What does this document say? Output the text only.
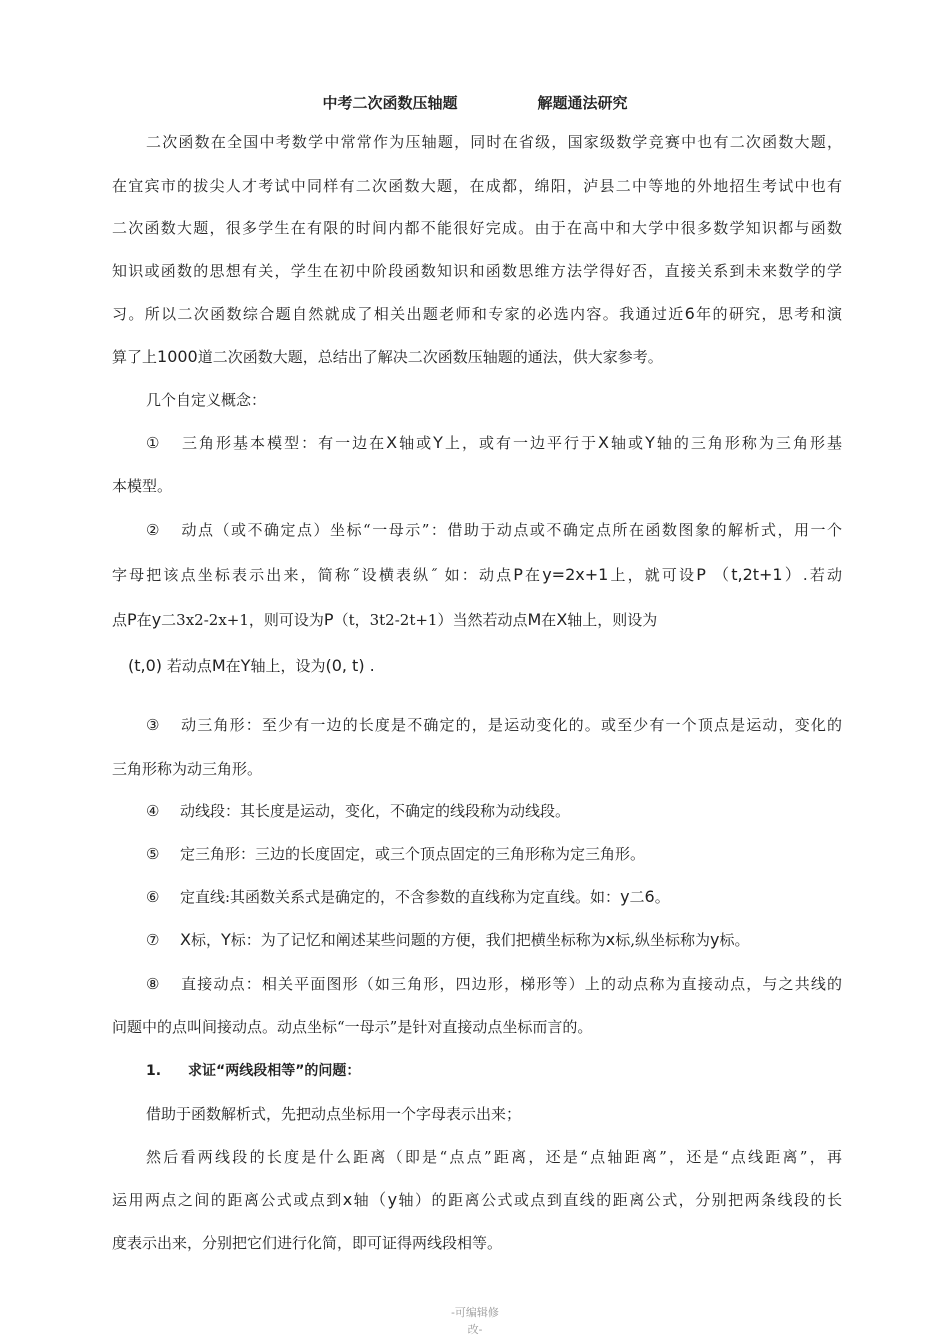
中考二次函数压轴题	解题通法研究
二次函数在全国中考数学中常常作为压轴题，同时在省级，国家级数学竞赛中也有二次函数大题，
在宜宾市的拔尖人才考试中同样有二次函数大题，在成都，绵阳，泸县二中等地的外地招生考试中也有
二次函数大题，很多学生在有限的时间内都不能很好完成。由于在高中和大学中很多数学知识都与函数
知识或函数的思想有关，学生在初中阶段函数知识和函数思维方法学得好否，直接关系到未来数学的学
习。所以二次函数综合题自然就成了相关出题老师和专家的必选内容。我通过近6年的研究，思考和演
算了上1000道二次函数大题，总结出了解决二次函数压轴题的通法，供大家参考。
几个自定义概念：
① 三角形基本模型：有一边在X轴或Y上，或有一边平行于X轴或Y轴的三角形称为三角形基
本模型。
② 动点（或不确定点）坐标“一母示”：借助于动点或不确定点所在函数图象的解析式，用一个
字母把该点坐标表示出来，简称˝设横表纵˝ 如：动点P在y=2x+1上，就可设P （t,2t+1）.若动
点P在y二3x2-2x+1，则可设为P（t，3t2-2t+1）当然若动点M在X轴上，则设为
(t,0) 若动点M在Y轴上，设为(0, t) .
③ 动三角形：至少有一边的长度是不确定的，是运动变化的。或至少有一个顶点是运动，变化的
三角形称为动三角形。
④ 动线段：其长度是运动，变化，不确定的线段称为动线段。
⑤ 定三角形：三边的长度固定，或三个顶点固定的三角形称为定三角形。
⑥ 定直线:其函数关系式是确定的，不含参数的直线称为定直线。如：y二6。
⑦ X标，Y标：为了记忆和阐述某些问题的方便，我们把横坐标称为x标,纵坐标称为y标。
⑧ 直接动点：相关平面图形（如三角形，四边形，梯形等）上的动点称为直接动点，与之共线的
问题中的点叫间接动点。动点坐标“一母示”是针对直接动点坐标而言的。
1. 求证“两线段相等”的问题：
借助于函数解析式，先把动点坐标用一个字母表示出来；
然后看两线段的长度是什么距离（即是“点点”距离，还是“点轴距离”，还是“点线距离”，再
运用两点之间的距离公式或点到x轴（y轴）的距离公式或点到直线的距离公式，分别把两条线段的长
度表示出来，分别把它们进行化简，即可证得两线段相等。
-可编辑修
改-
